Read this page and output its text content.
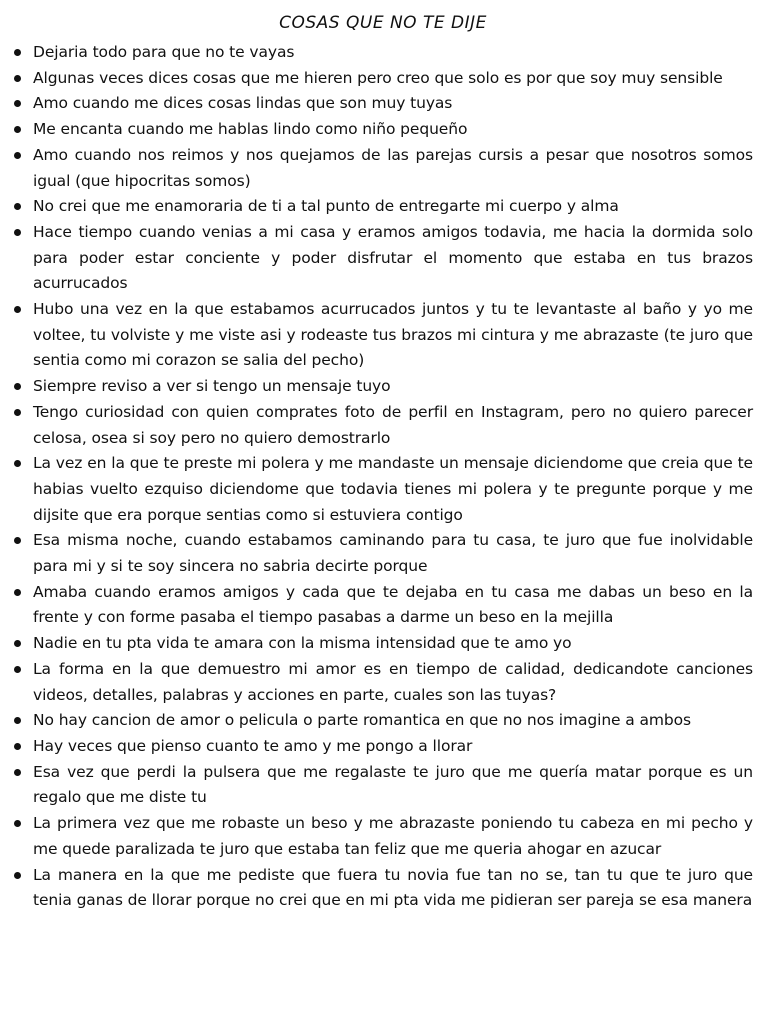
COSAS QUE NO TE DIJE
Dejaria todo para que no te vayas
Algunas veces dices cosas que me hieren pero creo que solo es por que soy muy sensible
Amo cuando me dices cosas lindas que son muy tuyas
Me encanta cuando me hablas lindo como niño pequeño
Amo cuando nos reimos y nos quejamos de las parejas cursis a pesar que nosotros somos igual (que hipocritas somos)
No crei que me enamoraria de ti a tal punto de entregarte mi cuerpo y alma
Hace tiempo cuando venias a mi casa y eramos amigos todavia, me hacia la dormida solo para poder estar conciente y poder disfrutar el momento que estaba en tus brazos acurrucados
Hubo una vez en la que estabamos acurrucados juntos y tu te levantaste al baño y yo me voltee, tu volviste y me viste asi y rodeaste tus brazos mi cintura y me abrazaste (te juro que sentia como mi corazon se salia del pecho)
Siempre reviso a ver si tengo un mensaje tuyo
Tengo curiosidad con quien comprates foto de perfil en Instagram, pero no quiero parecer celosa, osea si soy pero no quiero demostrarlo
La vez en la que te preste mi polera y me mandaste un mensaje diciendome que creia que te habias vuelto ezquiso diciendome que todavia tienes mi polera y te pregunte porque y me dijsite que era porque sentias como si estuviera contigo
Esa misma noche, cuando estabamos caminando para tu casa, te juro que fue inolvidable para mi y si te soy sincera no sabria decirte porque
Amaba cuando eramos amigos y cada que te dejaba en tu casa me dabas un beso en la frente y con forme pasaba el tiempo pasabas a darme un beso en la mejilla
Nadie en tu pta vida te amara con la misma intensidad que te amo yo
La forma en la que demuestro mi amor es en tiempo de calidad, dedicandote canciones videos, detalles, palabras y acciones en parte, cuales son las tuyas?
No hay cancion de amor o pelicula o parte romantica en que no nos imagine a ambos
Hay veces que pienso cuanto te amo y me pongo a llorar
Esa vez que perdi la pulsera que me regalaste te juro que me quería matar porque es un regalo que me diste tu
La primera vez que me robaste un beso y me abrazaste poniendo tu cabeza en mi pecho y me quede paralizada te juro que estaba tan feliz que me queria ahogar en azucar
La manera en la que me pediste que fuera tu novia fue tan no se, tan tu que te juro que tenia ganas de llorar porque no crei que en mi pta vida me pidieran ser pareja se esa manera
